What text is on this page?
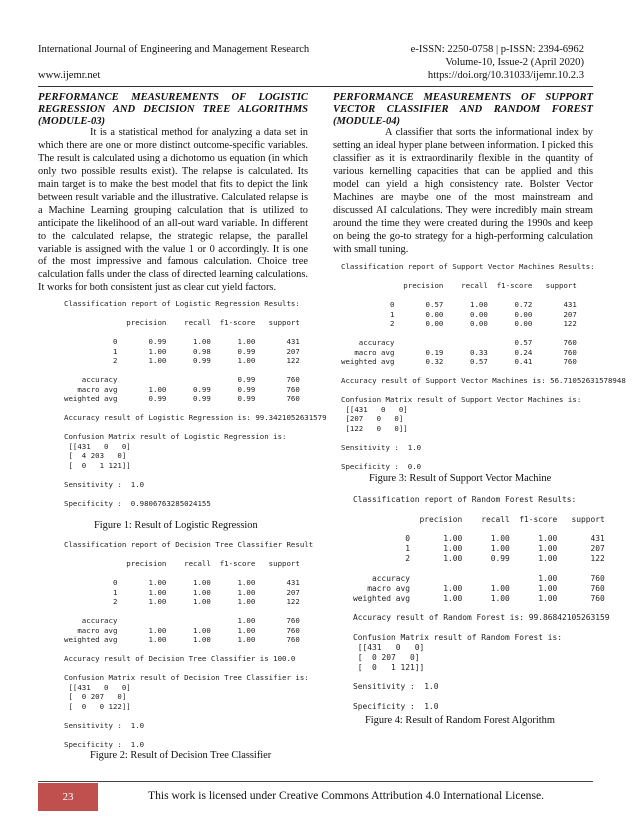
International Journal of Engineering and Management Research	e-ISSN: 2250-0758 | p-ISSN: 2394-6962
Volume-10, Issue-2 (April 2020)
www.ijemr.net	https://doi.org/10.31033/ijemr.10.2.3
PERFORMANCE MEASUREMENTS OF LOGISTIC
REGRESSION AND DECISION TREE ALGORITHMS
(MODULE-03)

It is a statistical method for analyzing a data set in which there are one or more distinct outcome-specific variables. The result is calculated using a dichotomo us equation (in which only two possible results exist). The relapse is calculated. Its main target is to make the best model that fits to depict the link between result variable and the illustrative. Calculated relapse is a Machine Learning grouping calculation that is utilized to anticipate the likelihood of an all-out ward variable. In different to the calculated relapse, the strategic relapse, the parallel variable is assigned with the value 1 or 0 accordingly. It is one of the most impressive and famous calculation. Choice tree calculation falls under the class of directed learning calculations. It works for both consistent just as clear cut yield factors.

Classification report of Logistic Regression Results:
precision    recall  f1-score   support
0       0.99      1.00      1.00       431
1       1.00      0.98      0.99       207
2       1.00      0.99      1.00       122
accuracy                           0.99       760
macro avg       1.00      0.99      0.99       760
weighted avg       0.99      0.99      0.99       760
Accuracy result of Logistic Regression is: 99.3421052631579
Confusion Matrix result of Logistic Regression is:
[[431   0   0]
[  4 203   0]
[  0   1 121]]
Sensitivity :  1.0
Specificity :  0.9806763285024155
Figure 1: Result of Logistic Regression
Classification report of Decision Tree Classifier Result
precision    recall  f1-score   support
0       1.00      1.00      1.00       431
1       1.00      1.00      1.00       207
2       1.00      1.00      1.00       122
accuracy                           1.00       760
macro avg       1.00      1.00      1.00       760
weighted avg       1.00      1.00      1.00       760
Accuracy result of Decision Tree Classifier is 100.0
Confusion Matrix result of Decision Tree Classifier is:
[[431   0   0]
[  0 207   0]
[  0   0 122]]
Sensitivity :  1.0
Specificity :  1.0
Figure 2: Result of Decision Tree Classifier
PERFORMANCE MEASUREMENTS OF SUPPORT
VECTOR CLASSIFIER AND RANDOM FOREST
(MODULE-04)

A classifier that sorts the informational index by setting an ideal hyper plane between information. I picked this classifier as it is extraordinarily flexible in the quantity of various kernelling capacities that can be applied and this model can yield a high consistency rate. Bolster Vector Machines are maybe one of the most mainstream and discussed AI calculations. They were incredibly main stream around the time they were created during the 1990s and keep on being the go-to strategy for a high-performing calculation with small tuning.

Classification report of Support Vector Machines Results:
precision    recall  f1-score   support
0       0.57      1.00      0.72       431
1       0.00      0.00      0.00       207
2       0.00      0.00      0.00       122
accuracy                           0.57       760
macro avg       0.19      0.33      0.24       760
weighted avg       0.32      0.57      0.41       760
Accuracy result of Support Vector Machines is: 56.71052631578948
Confusion Matrix result of Support Vector Machines is:
[[431   0   0]
[207   0   0]
[122   0   0]]
Sensitivity :  1.0
Specificity :  0.0
Figure 3: Result of Support Vector Machine
Classification report of Random Forest Results:
precision    recall  f1-score   support
0       1.00      1.00      1.00       431
1       1.00      1.00      1.00       207
2       1.00      0.99      1.00       122
accuracy                           1.00       760
macro avg       1.00      1.00      1.00       760
weighted avg       1.00      1.00      1.00       760
Accuracy result of Random Forest is: 99.86842105263159
Confusion Matrix result of Random Forest is:
[[431   0   0]
[  0 207   0]
[  0   1 121]]
Sensitivity :  1.0
Specificity :  1.0
Figure 4: Result of Random Forest Algorithm
23	This work is licensed under Creative Commons Attribution 4.0 International License.
